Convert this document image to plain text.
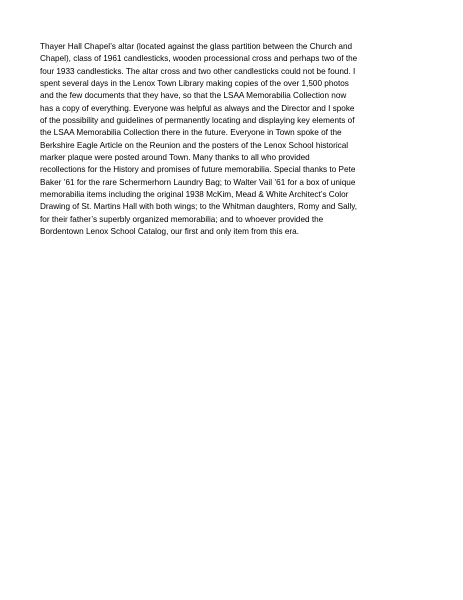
Thayer Hall Chapel’s altar (located against the glass partition between the Church and
Chapel), class of 1961 candlesticks, wooden processional cross and perhaps two of the
four 1933 candlesticks. The altar cross and two other candlesticks could not be found. I
spent several days in the Lenox Town Library making copies of the over 1,500 photos
and the few documents that they have, so that the LSAA Memorabilia Collection now
has a copy of everything. Everyone was helpful as always and the Director and I spoke
of the possibility and guidelines of permanently locating and displaying key elements of
the LSAA Memorabilia Collection there in the future. Everyone in Town spoke of the
Berkshire Eagle Article on the Reunion and the posters of the Lenox School historical
marker plaque were posted around Town. Many thanks to all who provided
recollections for the History and promises of future memorabilia. Special thanks to Pete
Baker ’61 for the rare Schermerhorn Laundry Bag; to Walter Vail ’61 for a box of unique
memorabilia items including the original 1938 McKim, Mead & White Architect’s Color
Drawing of St. Martins Hall with both wings; to the Whitman daughters, Romy and Sally,
for their father’s superbly organized memorabilia; and to whoever provided the
Bordentown Lenox School Catalog, our first and only item from this era.
